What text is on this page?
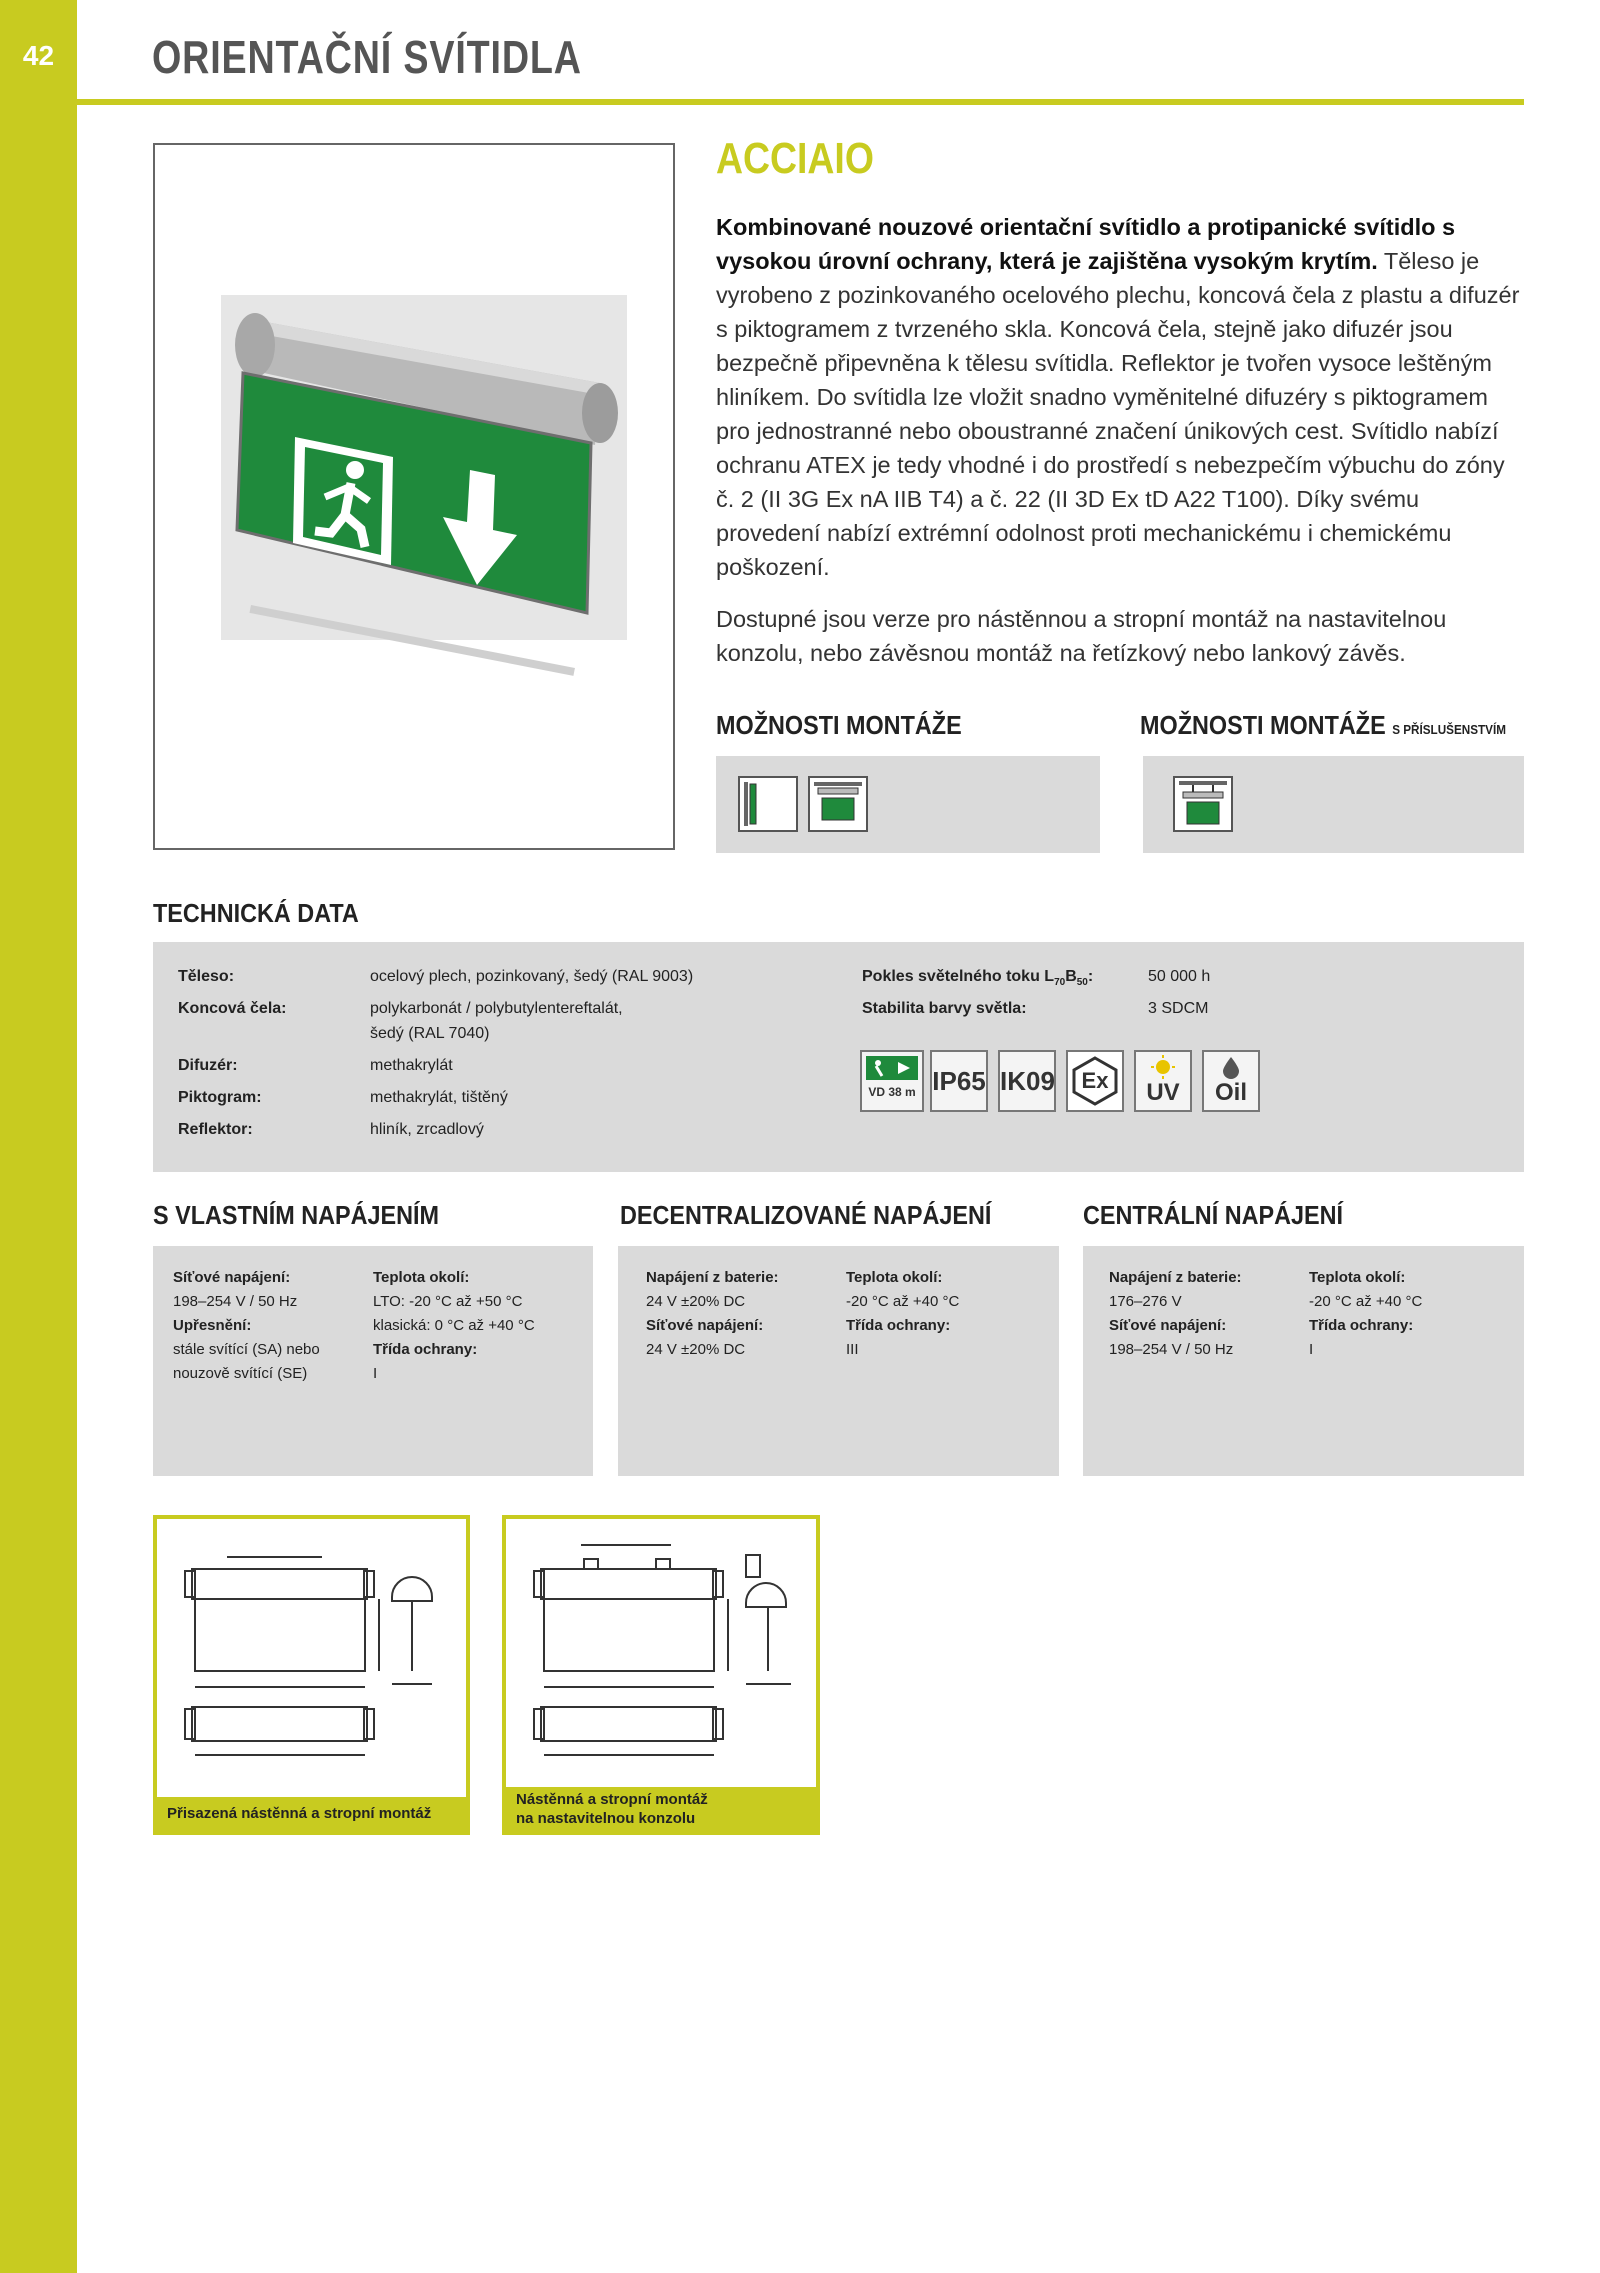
42	ORIENTAČNÍ SVÍTIDLA
ACCIAIO

Kombinované nouzové orientační svítidlo a protipanické svítidlo s vysokou úrovní ochrany, která je zajištěna vysokým krytím. Těleso je vyrobeno z pozinkovaného ocelového plechu, koncová čela z plastu a difuzér s piktogramem z tvrzeného skla. Koncová čela, stejně jako difuzér jsou bezpečně připevněna k tělesu svítidla. Reflektor je tvořen vysoce leštěným hliníkem. Do svítidla lze vložit snadno vyměnitelné difuzéry s piktogramem pro jednostranné nebo oboustranné značení únikových cest. Svítidlo nabízí ochranu ATEX je tedy vhodné i do prostředí s nebezpečím výbuchu do zóny č. 2 (II 3G Ex nA IIB T4) a č. 22 (II 3D Ex tD A22 T100). Díky svému provedení nabízí extrémní odolnost proti mechanickému i chemickému poškození.

Dostupné jsou verze pro nástěnnou a stropní montáž na nastavitelnou konzolu, nebo závěsnou montáž na řetízkový nebo lankový závěs.

MOŽNOSTI MONTÁŽE	MOŽNOSTI MONTÁŽE S PŘÍSLUŠENSTVÍM
TECHNICKÁ DATA
Těleso:	ocelový plech, pozinkovaný, šedý (RAL 9003)
Koncová čela:	polykarbonát / polybutylentereftalát,
šedý (RAL 7040)
Difuzér:	methakrylát
Piktogram:	methakrylát, tištěný
Reflektor:	hliník, zrcadlový
Pokles světelného toku $L_{70}B_{50}$:	50 000 h
Stabilita barvy světla:	3 SDCM
VD 38 m IP65 IK09	Ex	UV	Oil
S VLASTNÍM NAPÁJENÍM	DECENTRALIZOVANÉ NAPÁJENÍ	CENTRÁLNÍ NAPÁJENÍ
Síťové napájení:
198–254 V / 50 Hz
Upřesnění:
stále svítící (SA) nebo
nouzově svítící (SE)
Teplota okolí:
LTO: -20 °C až +50 °C
klasická: 0 °C až +40 °C
Třída ochrany:
I
Napájení z baterie:
24 V ±20% DC
Síťové napájení:
24 V ±20% DC
Teplota okolí:
-20 °C až +40 °C
Třída ochrany:
III
Napájení z baterie:
176–276 V
Síťové napájení:
198–254 V / 50 Hz
Teplota okolí:
-20 °C až +40 °C
Třída ochrany:
I
Přisazená nástěnná a stropní montáž
Nástěnná a stropní montáž
na nastavitelnou konzolu
